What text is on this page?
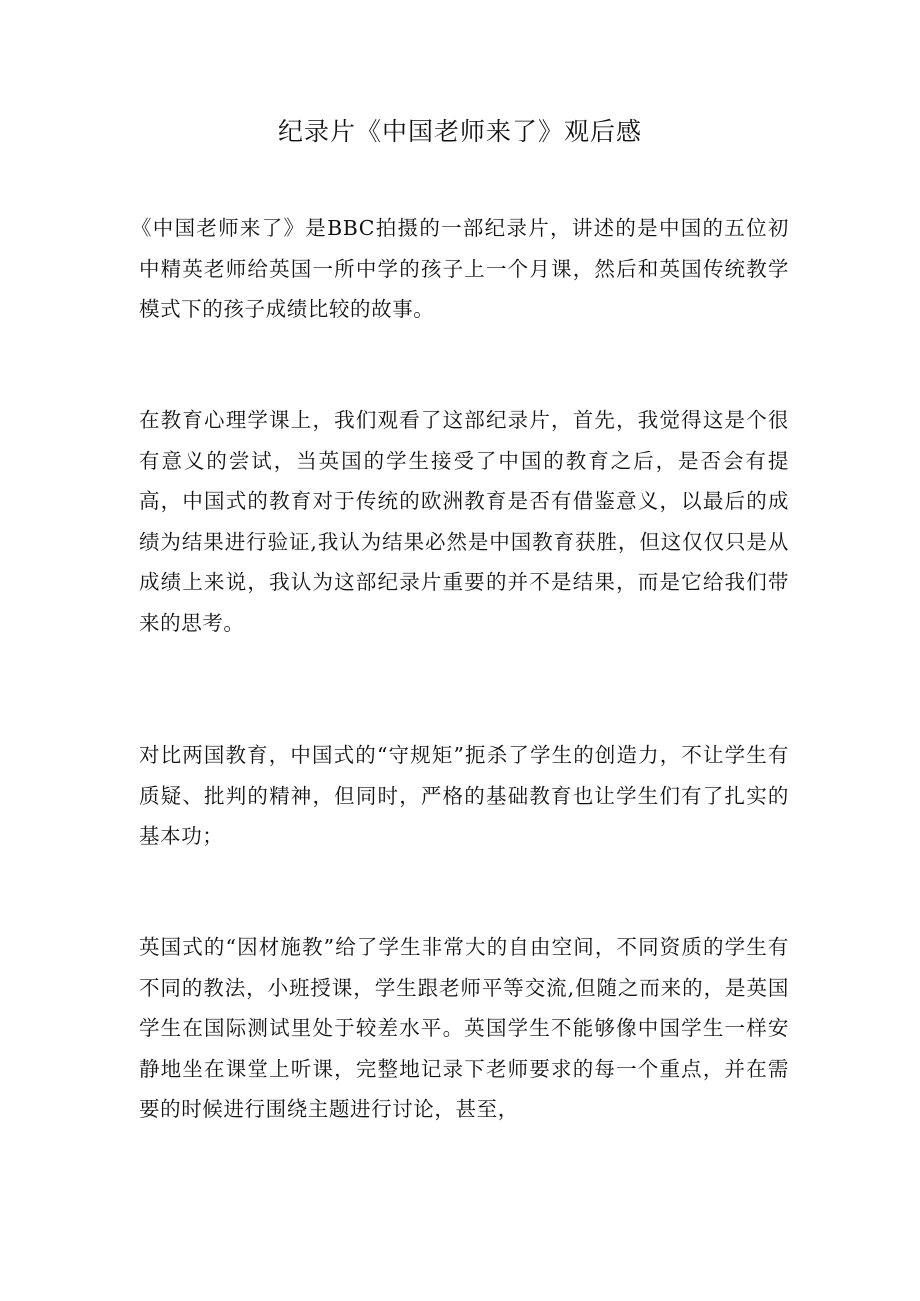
纪录片《中国老师来了》观后感

《中国老师来了》是BBC拍摄的一部纪录片，讲述的是中国的五位初中精英老师给英国一所中学的孩子上一个月课，然后和英国传统教学模式下的孩子成绩比较的故事。

在教育心理学课上，我们观看了这部纪录片，首先，我觉得这是个很有意义的尝试，当英国的学生接受了中国的教育之后，是否会有提高，中国式的教育对于传统的欧洲教育是否有借鉴意义，以最后的成绩为结果进行验证,我认为结果必然是中国教育获胜，但这仅仅只是从成绩上来说，我认为这部纪录片重要的并不是结果，而是它给我们带来的思考。

对比两国教育，中国式的“守规矩”扼杀了学生的创造力，不让学生有质疑、批判的精神，但同时，严格的基础教育也让学生们有了扎实的基本功；

英国式的“因材施教”给了学生非常大的自由空间，不同资质的学生有不同的教法，小班授课，学生跟老师平等交流,但随之而来的，是英国学生在国际测试里处于较差水平。英国学生不能够像中国学生一样安静地坐在课堂上听课，完整地记录下老师要求的每一个重点，并在需要的时候进行围绕主题进行讨论，甚至，
